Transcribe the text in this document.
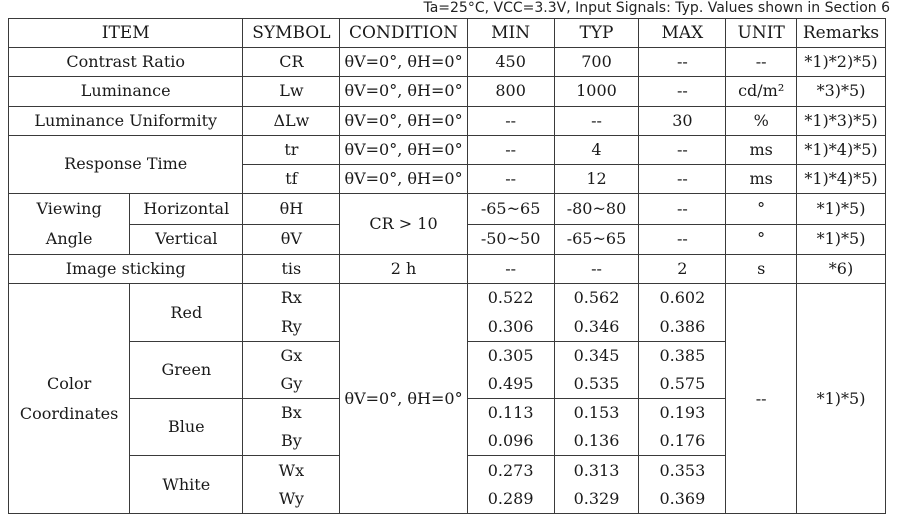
Ta=25°C, VCC=3.3V, Input Signals: Typ. Values shown in Section 6
ITEM		SYMBOL	CONDITION	MIN	TYP	MAX	UNIT	Remarks
Contrast Ratio		CR	θV=0°, θH=0°	450	700	--	--	*1)*2)*5)
Luminance		Lw	θV=0°, θH=0°	800	1000	--	cd/m²	*3)*5)
Luminance Uniformity		ΔLw	θV=0°, θH=0°	--	--	30	%	*1)*3)*5)
Response Time		tr	θV=0°, θH=0°	--	4	--	ms	*1)*4)*5)
		tf	θV=0°, θH=0°	--	12	--	ms	*1)*4)*5)

Viewing
Angle	Horizontal	θH	CR > 10	-65~65	-80~80	--	°	*1)*5)
	Vertical	θV		-50~50	-65~65	--	°	*1)*5)
Image sticking		tis	2 h	--	--	2	s	*6)

Color
Coordinates	Red	Rx	θV=0°, θH=0°	0.522	0.562	0.602	--	*1)*5)
		Ry		0.306	0.346	0.386		
	Green	Gx		0.305	0.345	0.385		
		Gy		0.495	0.535	0.575		
	Blue	Bx		0.113	0.153	0.193		
		By		0.096	0.136	0.176		
	White	Wx		0.273	0.313	0.353		
		Wy		0.289	0.329	0.369		
